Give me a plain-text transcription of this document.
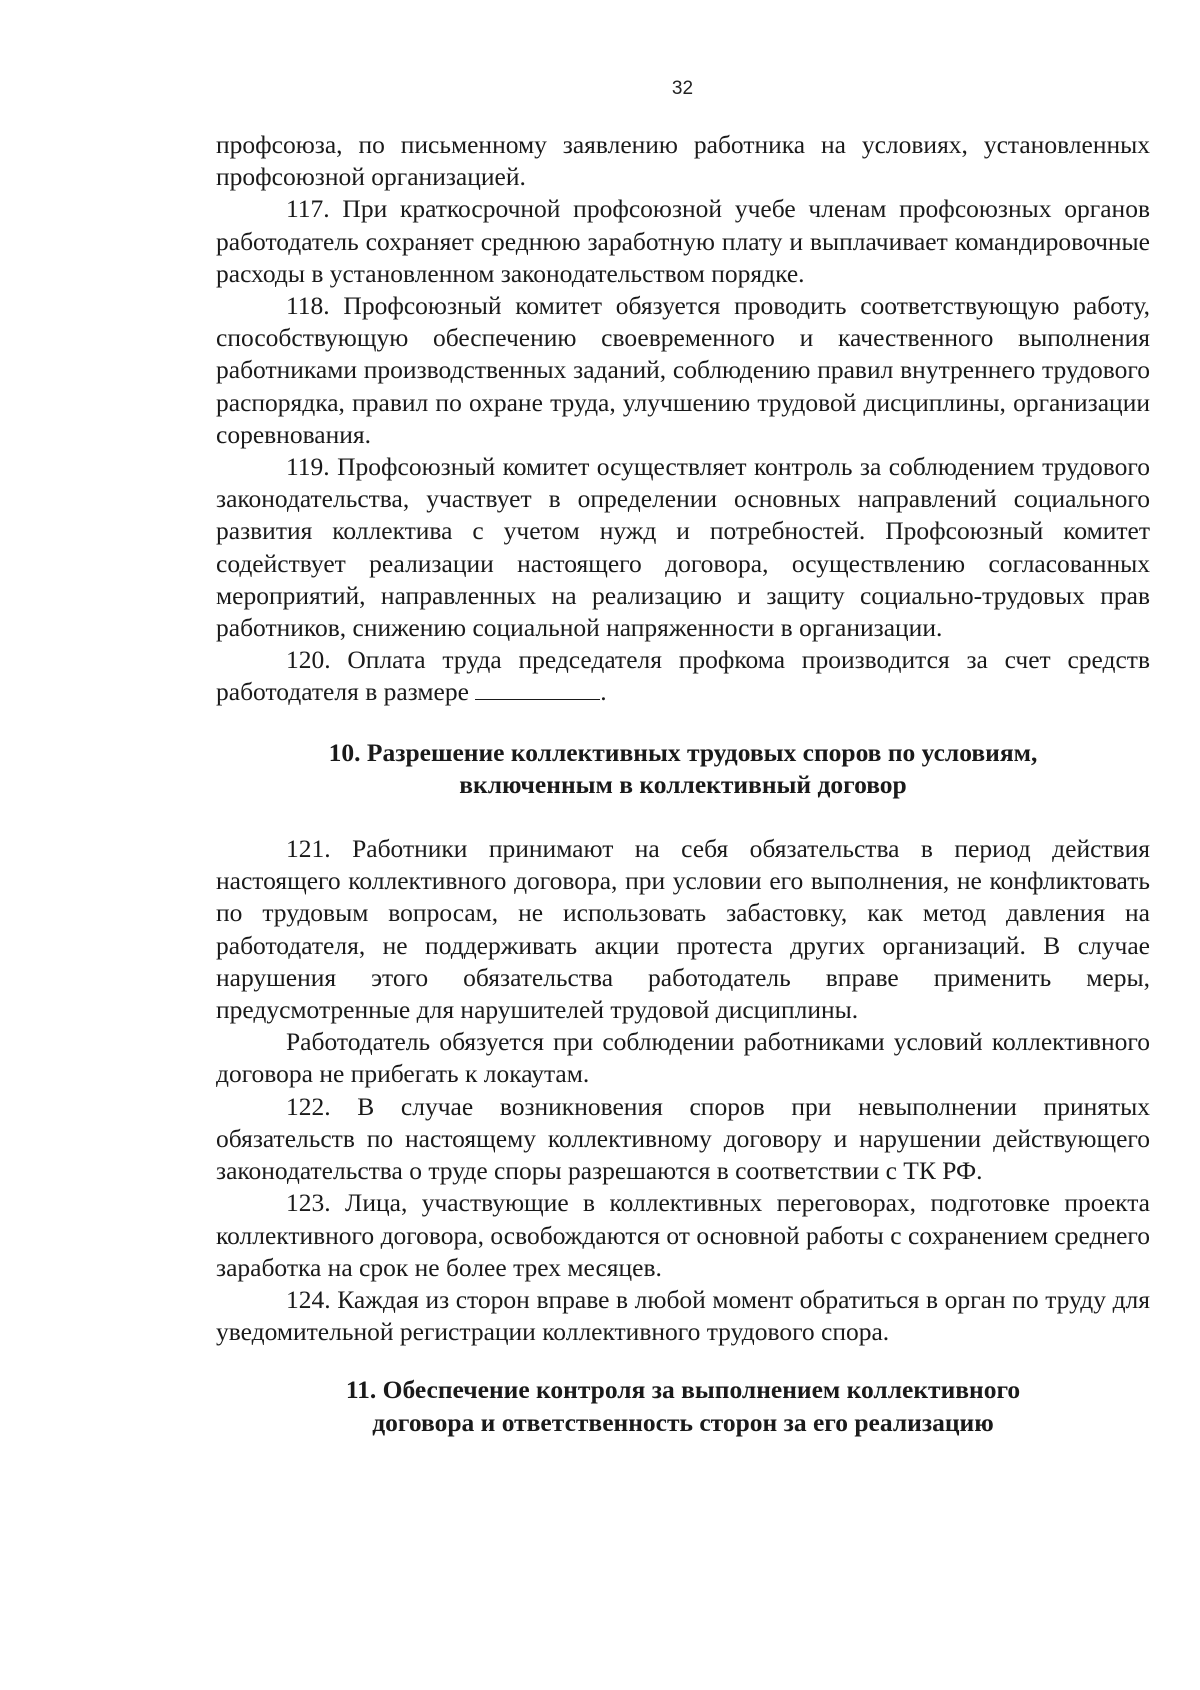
32

профсоюза, по письменному заявлению работника на условиях, установленных профсоюзной организацией.

117. При краткосрочной профсоюзной учебе членам профсоюзных органов работодатель сохраняет среднюю заработную плату и выплачивает командировочные расходы в установленном законодательством порядке.

118. Профсоюзный комитет обязуется проводить соответствующую работу, способствующую обеспечению своевременного и качественного выполнения работниками производственных заданий, соблюдению правил внутреннего трудового распорядка, правил по охране труда, улучшению трудовой дисциплины, организации соревнования.

119. Профсоюзный комитет осуществляет контроль за соблюдением трудового законодательства, участвует в определении основных направлений социального развития коллектива с учетом нужд и потребностей. Профсоюзный комитет содействует реализации настоящего договора, осуществлению согласованных мероприятий, направленных на реализацию и защиту социально-трудовых прав работников, снижению социальной напряженности в организации.

120. Оплата труда председателя профкома производится за счет средств работодателя в размере	.

10. Разрешение коллективных трудовых споров по условиям,
включенным в коллективный договор

121. Работники принимают на себя обязательства в период действия настоящего коллективного договора, при условии его выполнения, не конфликтовать по трудовым вопросам, не использовать забастовку, как метод давления на работодателя, не поддерживать акции протеста других организаций. В случае нарушения этого обязательства работодатель вправе применить меры, предусмотренные для нарушителей трудовой дисциплины.

Работодатель обязуется при соблюдении работниками условий коллективного договора не прибегать к локаутам.

122. В случае возникновения споров при невыполнении принятых обязательств по настоящему коллективному договору и нарушении действующего законодательства о труде споры разрешаются в соответствии с ТК РФ.

123. Лица, участвующие в коллективных переговорах, подготовке проекта коллективного договора, освобождаются от основной работы с сохранением среднего заработка на срок не более трех месяцев.

124. Каждая из сторон вправе в любой момент обратиться в орган по труду для уведомительной регистрации коллективного трудового спора.

11. Обеспечение контроля за выполнением коллективного
договора и ответственность сторон за его реализацию
